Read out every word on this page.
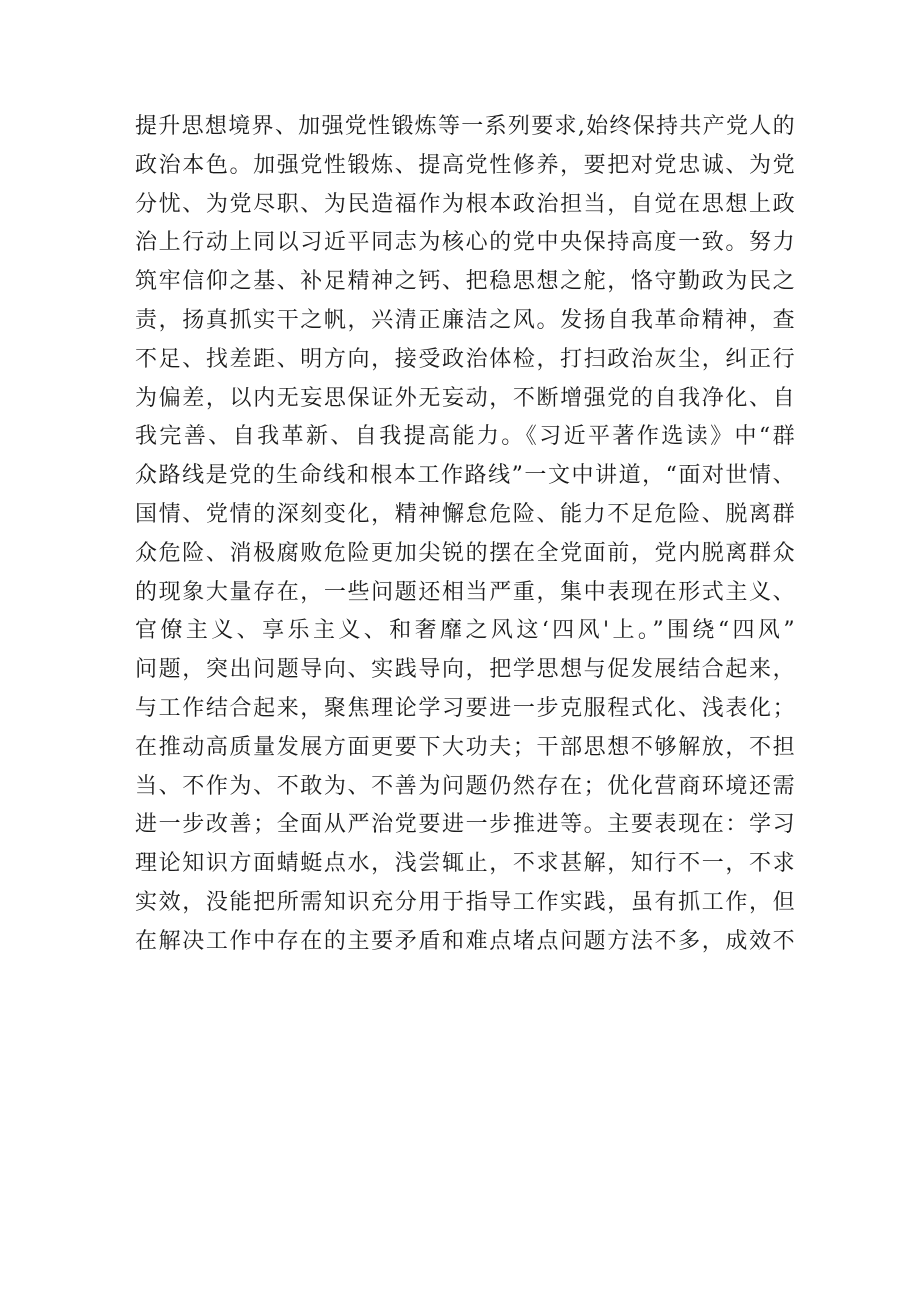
提升思想境界、加强党性锻炼等一系列要求,始终保持共产党人的
政治本色。加强党性锻炼、提高党性修养，要把对党忠诚、为党
分忧、为党尽职、为民造福作为根本政治担当，自觉在思想上政
治上行动上同以习近平同志为核心的党中央保持高度一致。努力
筑牢信仰之基、补足精神之钙、把稳思想之舵，恪守勤政为民之
责，扬真抓实干之帆，兴清正廉洁之风。发扬自我革命精神，查
不足、找差距、明方向，接受政治体检，打扫政治灰尘，纠正行
为偏差，以内无妄思保证外无妄动，不断增强党的自我净化、自
我完善、自我革新、自我提高能力。《习近平著作选读》中“群
众路线是党的生命线和根本工作路线”一文中讲道，“面对世情、
国情、党情的深刻变化，精神懈怠危险、能力不足危险、脱离群
众危险、消极腐败危险更加尖锐的摆在全党面前，党内脱离群众
的现象大量存在，一些问题还相当严重，集中表现在形式主义、
官僚主义、享乐主义、和奢靡之风这‘四风'上。”围绕“四风”
问题，突出问题导向、实践导向，把学思想与促发展结合起来，
与工作结合起来，聚焦理论学习要进一步克服程式化、浅表化；
在推动高质量发展方面更要下大功夫；干部思想不够解放，不担
当、不作为、不敢为、不善为问题仍然存在；优化营商环境还需
进一步改善；全面从严治党要进一步推进等。主要表现在：学习
理论知识方面蜻蜓点水，浅尝辄止，不求甚解，知行不一，不求
实效，没能把所需知识充分用于指导工作实践，虽有抓工作，但
在解决工作中存在的主要矛盾和难点堵点问题方法不多，成效不
